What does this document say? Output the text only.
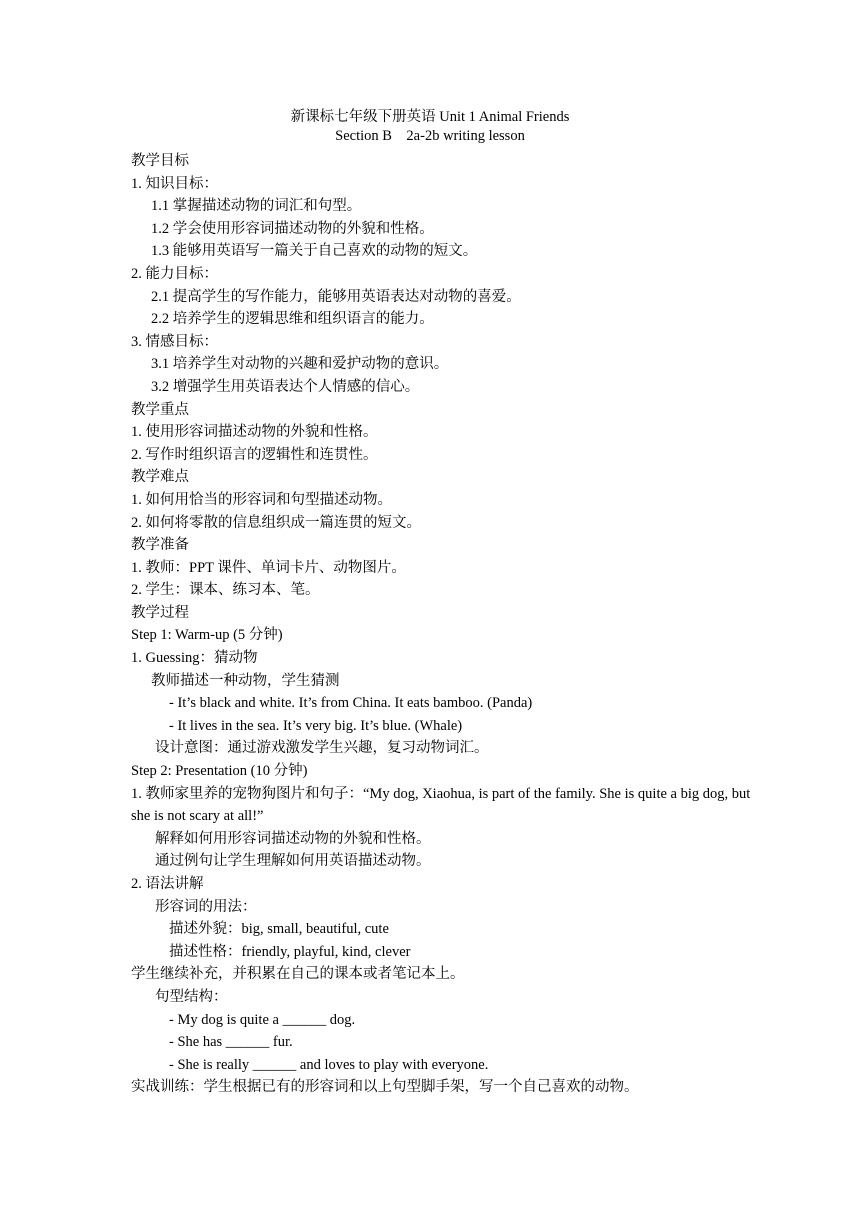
新课标七年级下册英语 Unit 1 Animal Friends
Section B    2a-2b writing lesson
教学目标
1. 知识目标：
1.1 掌握描述动物的词汇和句型。
1.2 学会使用形容词描述动物的外貌和性格。
1.3 能够用英语写一篇关于自己喜欢的动物的短文。
2. 能力目标：
2.1 提高学生的写作能力，能够用英语表达对动物的喜爱。
2.2 培养学生的逻辑思维和组织语言的能力。
3. 情感目标：
3.1 培养学生对动物的兴趣和爱护动物的意识。
3.2 增强学生用英语表达个人情感的信心。
教学重点
1. 使用形容词描述动物的外貌和性格。
2. 写作时组织语言的逻辑性和连贯性。
教学难点
1. 如何用恰当的形容词和句型描述动物。
2. 如何将零散的信息组织成一篇连贯的短文。
教学准备
1. 教师：PPT 课件、单词卡片、动物图片。
2. 学生：课本、练习本、笔。
教学过程
Step 1: Warm-up (5 分钟)
1. Guessing：猜动物
教师描述一种动物，学生猜测
- It’s black and white. It’s from China. It eats bamboo. (Panda)
- It lives in the sea. It’s very big. It’s blue. (Whale)
设计意图：通过游戏激发学生兴趣，复习动物词汇。
Step 2: Presentation (10 分钟)
1. 教师家里养的宠物狗图片和句子：“My dog, Xiaohua, is part of the family. She is quite a big dog, but she is not scary at all!”
解释如何用形容词描述动物的外貌和性格。
通过例句让学生理解如何用英语描述动物。
2. 语法讲解
形容词的用法：
描述外貌：big, small, beautiful, cute
描述性格：friendly, playful, kind, clever
学生继续补充，并积累在自己的课本或者笔记本上。
句型结构：
- My dog is quite a ______ dog.
- She has ______ fur.
- She is really ______ and loves to play with everyone.
实战训练：学生根据已有的形容词和以上句型脚手架，写一个自己喜欢的动物。
